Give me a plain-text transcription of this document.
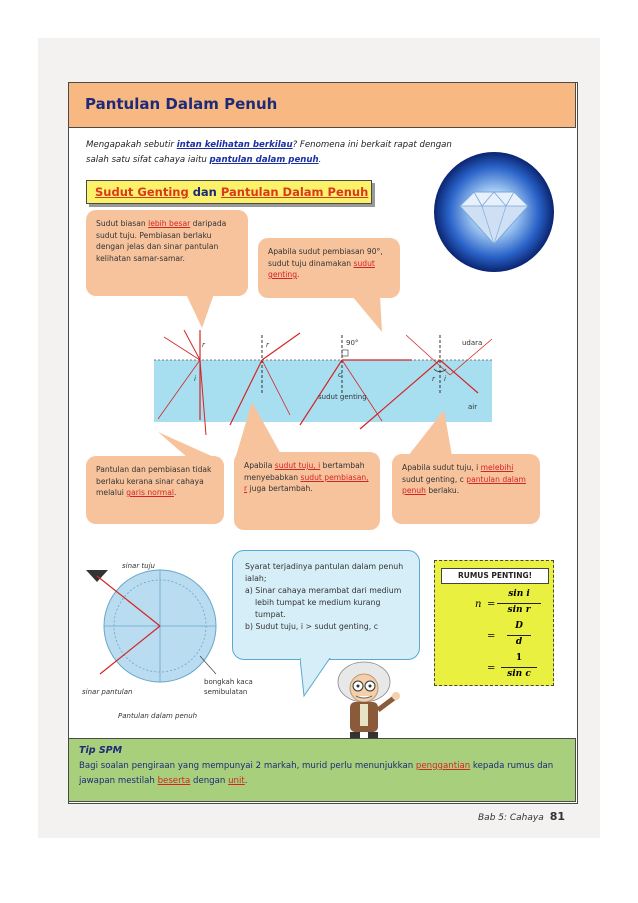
Pantulan Dalam Penuh
Mengapakah sebutir intan kelihatan berkilau? Fenomena ini berkait rapat dengan salah satu sifat cahaya iaitu pantulan dalam penuh.
Sudut Genting dan Pantulan Dalam Penuh
Sudut biasan lebih besar daripada sudut tuju. Pembiasan berlaku dengan jelas dan sinar pantulan kelihatan samar-samar.
Apabila sudut pembiasan 90°, sudut tuju dinamakan sudut genting.
udara
air
r
i
r	90°
c
sudut genting
r i
Pantulan dan pembiasan tidak berlaku kerana sinar cahaya melalui garis normal.
Apabila sudut tuju, i bertambah menyebabkan sudut pembiasan, r juga bertambah.
Apabila sudut tuju, i melebihi sudut genting, c pantulan dalam penuh berlaku.
sinar tuju
sinar pantulan
bongkah kaca
semibulatan
Pantulan dalam penuh
Syarat terjadinya pantulan dalam penuh ialah;
a) Sinar cahaya merambat dari medium lebih tumpat ke medium kurang tumpat.
b) Sudut tuju, i > sudut genting, c
RUMUS PENTING!
n =
sin i
sin r
=
D
d
=
1
sin c
Tip SPM
Bagi soalan pengiraan yang mempunyai 2 markah, murid perlu menunjukkan penggantian kepada rumus dan jawapan mestilah beserta dengan unit.
Bab 5: Cahaya 81
